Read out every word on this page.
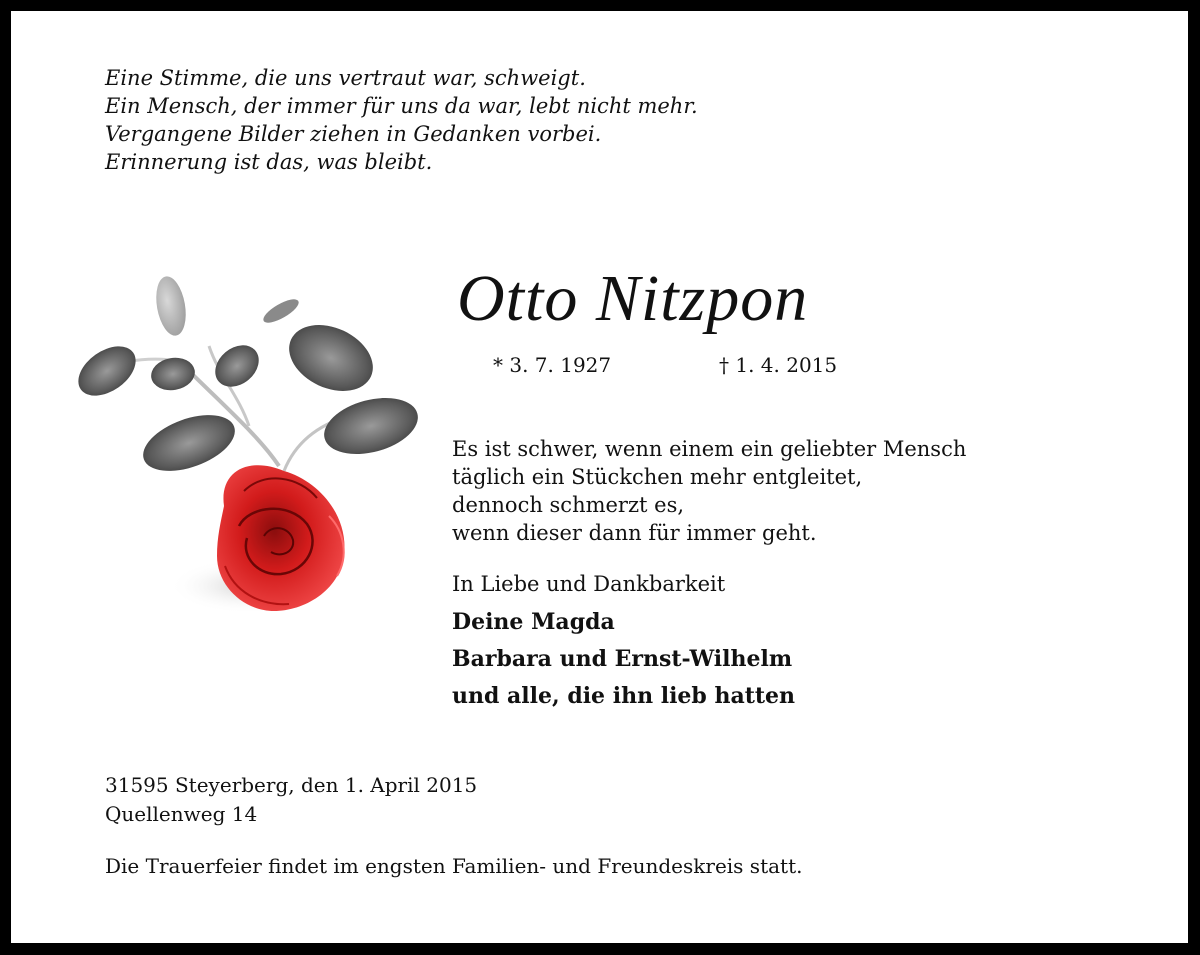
Eine Stimme, die uns vertraut war, schweigt.
Ein Mensch, der immer für uns da war, lebt nicht mehr.
Vergangene Bilder ziehen in Gedanken vorbei.
Erinnerung ist das, was bleibt.
Otto Nitzpon
* 3. 7. 1927	† 1. 4. 2015
Es ist schwer, wenn einem ein geliebter Mensch
täglich ein Stückchen mehr entgleitet,
dennoch schmerzt es,
wenn dieser dann für immer geht.
In Liebe und Dankbarkeit
Deine Magda
Barbara und Ernst-Wilhelm
und alle, die ihn lieb hatten
31595 Steyerberg, den 1. April 2015
Quellenweg 14
Die Trauerfeier findet im engsten Familien- und Freundeskreis statt.
